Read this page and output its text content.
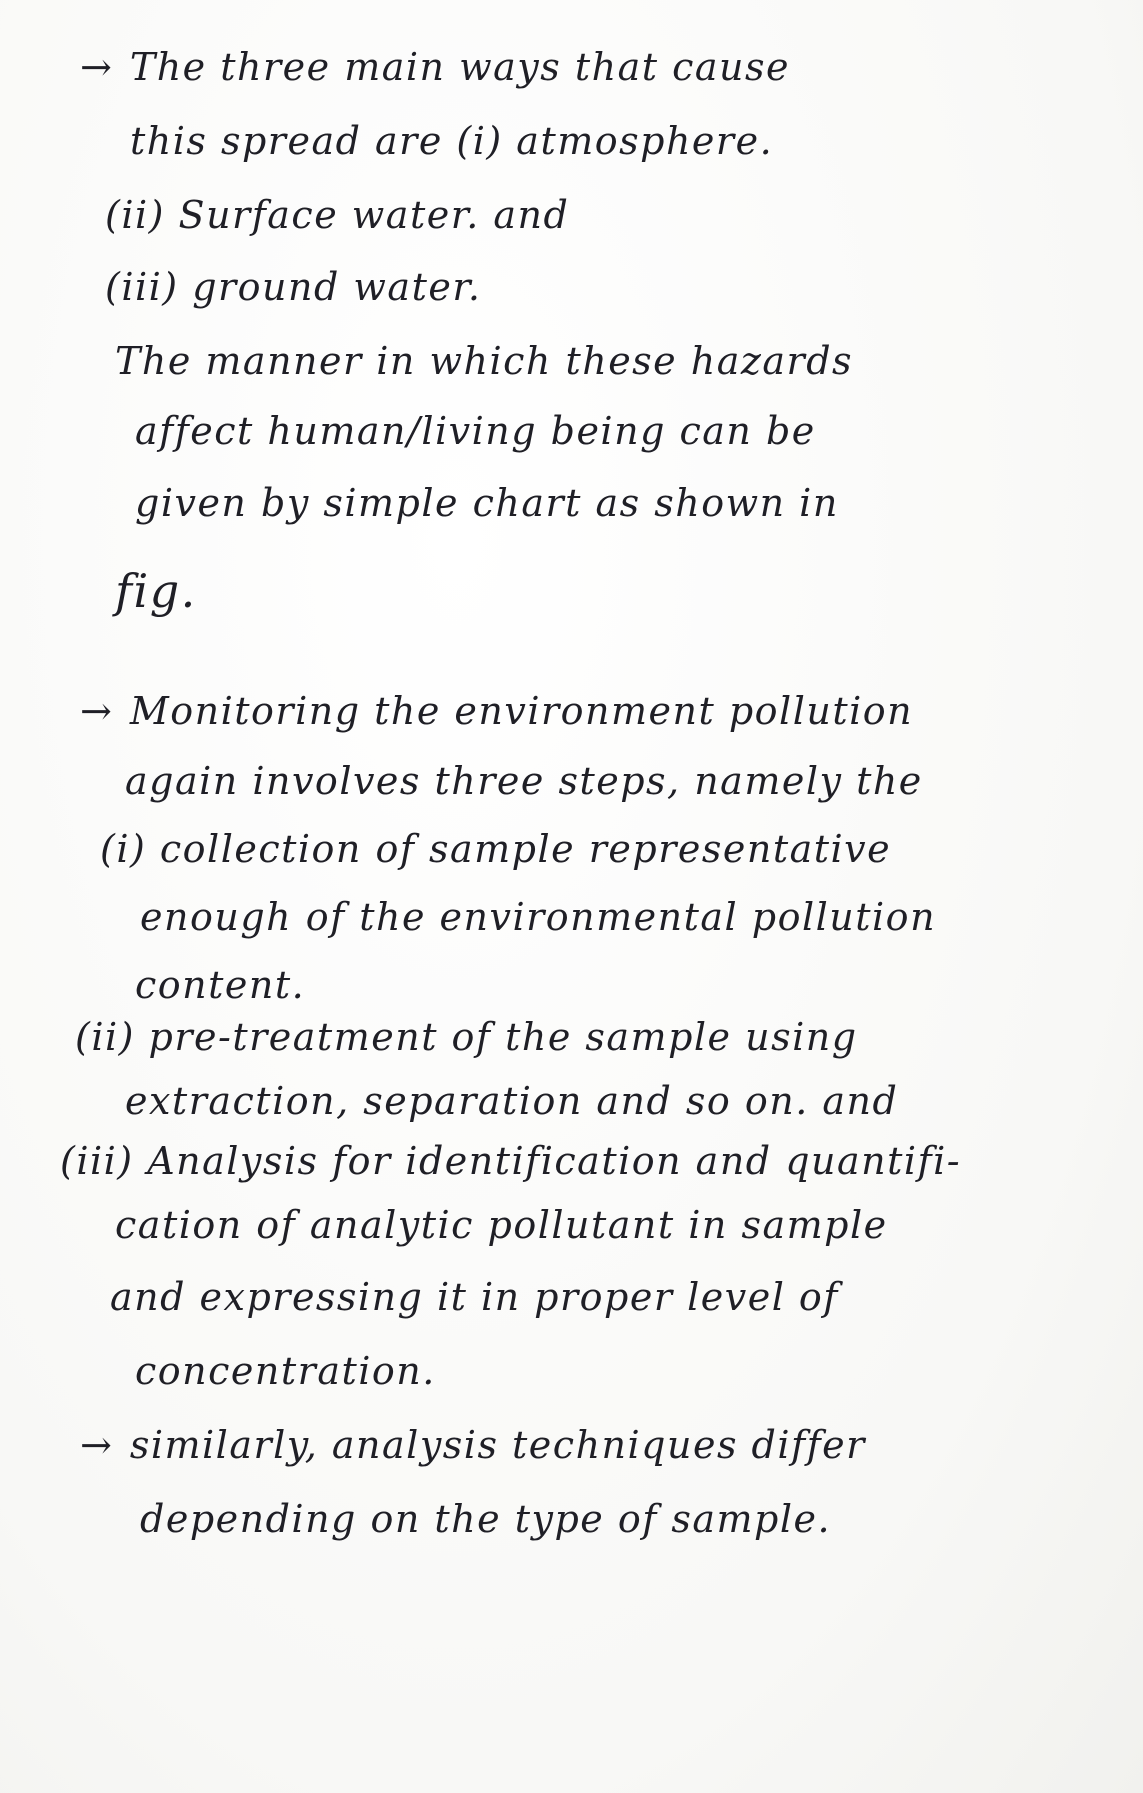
→ The three main ways that cause
this spread are (i) atmosphere.
(ii) Surface water. and
(iii) ground water.
The manner in which these hazards
affect human/living being can be
given by simple chart as shown in
fig.
→ Monitoring the environment pollution
again involves three steps, namely the
(i) collection of sample representative
enough of the environmental pollution
content.
(ii) pre-treatment of the sample using
extraction, separation and so on. and
(iii) Analysis for identification and quantifi-
cation of analytic pollutant in sample
and expressing it in proper level of
concentration.
→ similarly, analysis techniques differ
depending on the type of sample.
